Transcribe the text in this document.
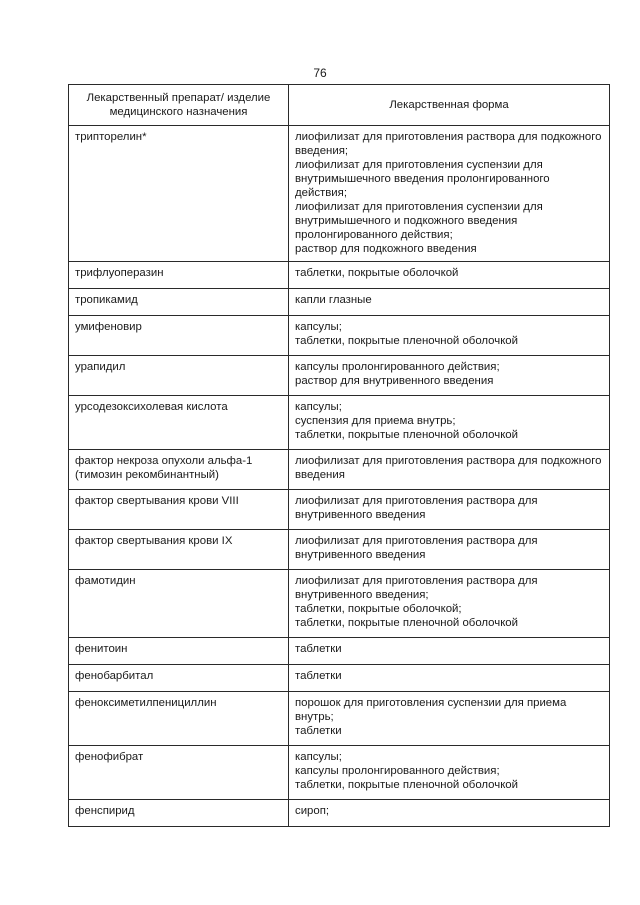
76
Лекарственный препарат/ изделие медицинского назначения	Лекарственная форма

трипторелин*	лиофилизат для приготовления раствора для подкожного введения;
лиофилизат для приготовления суспензии для внутримышечного введения пролонгированного действия;
лиофилизат для приготовления суспензии для внутримышечного и подкожного введения пролонгированного действия;
раствор для подкожного введения

трифлуоперазин	таблетки, покрытые оболочкой

тропикамид	капли глазные

умифеновир	капсулы;
таблетки, покрытые пленочной оболочкой

урапидил	капсулы пролонгированного действия;
раствор для внутривенного введения

урсодезоксихолевая кислота	капсулы;
суспензия для приема внутрь;
таблетки, покрытые пленочной оболочкой

фактор некроза опухоли альфа-1 (тимозин рекомбинантный)	лиофилизат для приготовления раствора для подкожного введения

фактор свертывания крови VIII	лиофилизат для приготовления раствора для внутривенного введения

фактор свертывания крови IX	лиофилизат для приготовления раствора для внутривенного введения

фамотидин	лиофилизат для приготовления раствора для внутривенного введения;
таблетки, покрытые оболочкой;
таблетки, покрытые пленочной оболочкой

фенитоин	таблетки

фенобарбитал	таблетки

феноксиметилпенициллин	порошок для приготовления суспензии для приема внутрь;
таблетки

фенофибрат	капсулы;
капсулы пролонгированного действия;
таблетки, покрытые пленочной оболочкой

фенспирид	сироп;
